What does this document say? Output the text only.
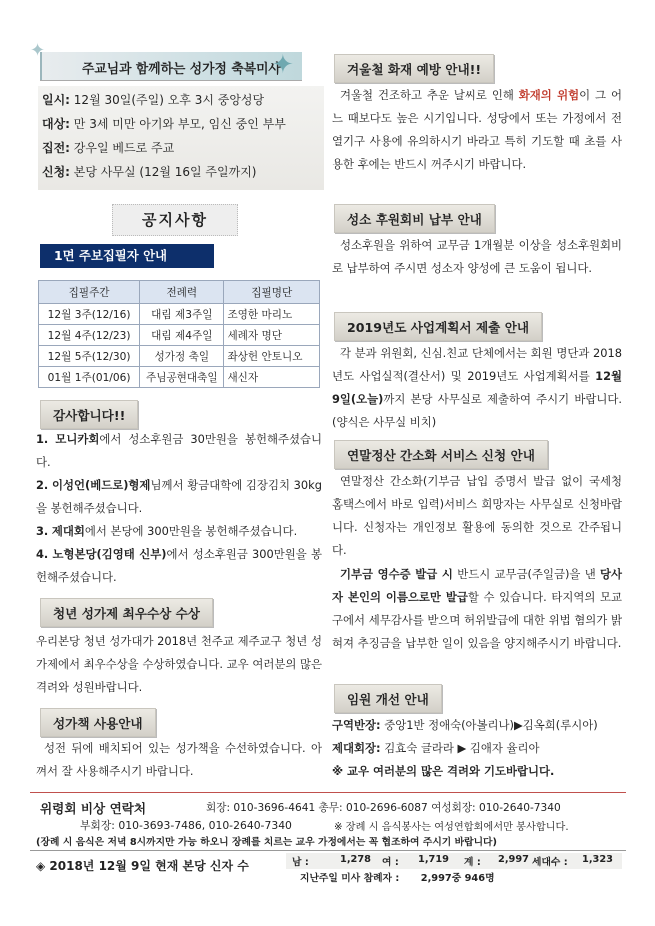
주교님과 함께하는 성가정 축복미사
✦
✦
일시: 12월 30일(주일) 오후 3시 중앙성당
대상: 만 3세 미만 아기와 부모, 임신 중인 부부
집전: 강우일 베드로 주교
신청: 본당 사무실 (12월 16일 주일까지)
공지사항
1면 주보집필자 안내
집필주간	전례력	집필명단
12월 3주(12/16)	대림 제3주일	조영한 마리노
12월 4주(12/23)	대림 제4주일	세례자 명단
12월 5주(12/30)	성가정 축일	좌상헌 안토니오
01월 1주(01/06)	주님공현대축일	새신자
감사합니다!!

1. 모니카회에서 성소후원금 30만원을 봉헌해주셨습니다.

2. 이성언(베드로)형제님께서 황금대학에 김장김치 30kg을 봉헌해주셨습니다.

3. 제대회에서 본당에 300만원을 봉헌해주셨습니다.

4. 노형본당(김영태 신부)에서 성소후원금 300만원을 봉헌해주셨습니다.

청년 성가제 최우수상 수상

우리본당 청년 성가대가 2018년 천주교 제주교구 청년 성가제에서 최우수상을 수상하였습니다. 교우 여러분의 많은 격려와 성원바랍니다.

성가책 사용안내

성전 뒤에 배치되어 있는 성가책을 수선하였습니다. 아껴서 잘 사용해주시기 바랍니다.

겨울철 화재 예방 안내!!

겨울철 건조하고 추운 날씨로 인해 화재의 위험이 그 어느 때보다도 높은 시기입니다. 성당에서 또는 가정에서 전열기구 사용에 유의하시기 바라고 특히 기도할 때 초를 사용한 후에는 반드시 꺼주시기 바랍니다.

성소 후원회비 납부 안내

성소후원을 위하여 교무금 1개월분 이상을 성소후원회비로 납부하여 주시면 성소자 양성에 큰 도움이 됩니다.

2019년도 사업계획서 제출 안내

각 분과 위원회, 신심.친교 단체에서는 회원 명단과 2018년도 사업실적(결산서) 및 2019년도 사업계획서를 12월 9일(오늘)까지 본당 사무실로 제출하여 주시기 바랍니다. (양식은 사무실 비치)

연말정산 간소화 서비스 신청 안내

연말정산 간소화(기부금 납입 증명서 발급 없이 국세청 홈택스에서 바로 입력)서비스 희망자는 사무실로 신청바랍니다. 신청자는 개인정보 활용에 동의한 것으로 간주됩니다.

기부금 영수증 발급 시 반드시 교무금(주일금)을 낸 당사자 본인의 이름으로만 발급할 수 있습니다. 타지역의 모교구에서 세무감사를 받으며 허위발급에 대한 위법 혐의가 밝혀져 추징금을 납부한 일이 있음을 양지해주시기 바랍니다.

임원 개선 안내

구역반장: 중앙1반 정애숙(아볼리나)▶김옥희(루시아)

제대회장: 김효숙 글라라 ▶ 김애자 율리아

※ 교우 여러분의 많은 격려와 기도바랍니다.

위령회 비상 연락처	회장: 010-3696-4641 총무: 010-2696-6087 여성회장: 010-2640-7340
부회장: 010-3693-7486, 010-2640-7340	※ 장례 시 음식봉사는 여성연합회에서만 봉사합니다.
(장례 시 음식은 저녁 8시까지만 가능 하오니 장례를 치르는 교우 가정에서는 꼭 협조하여 주시기 바랍니다)
◈ 2018년 12월 9일 현재 본당 신자 수	남 :	1,278 여 : 1,719 계 : 2,997 세대수 : 1,323
지난주일 미사 참례자 : 2,997중 946명
